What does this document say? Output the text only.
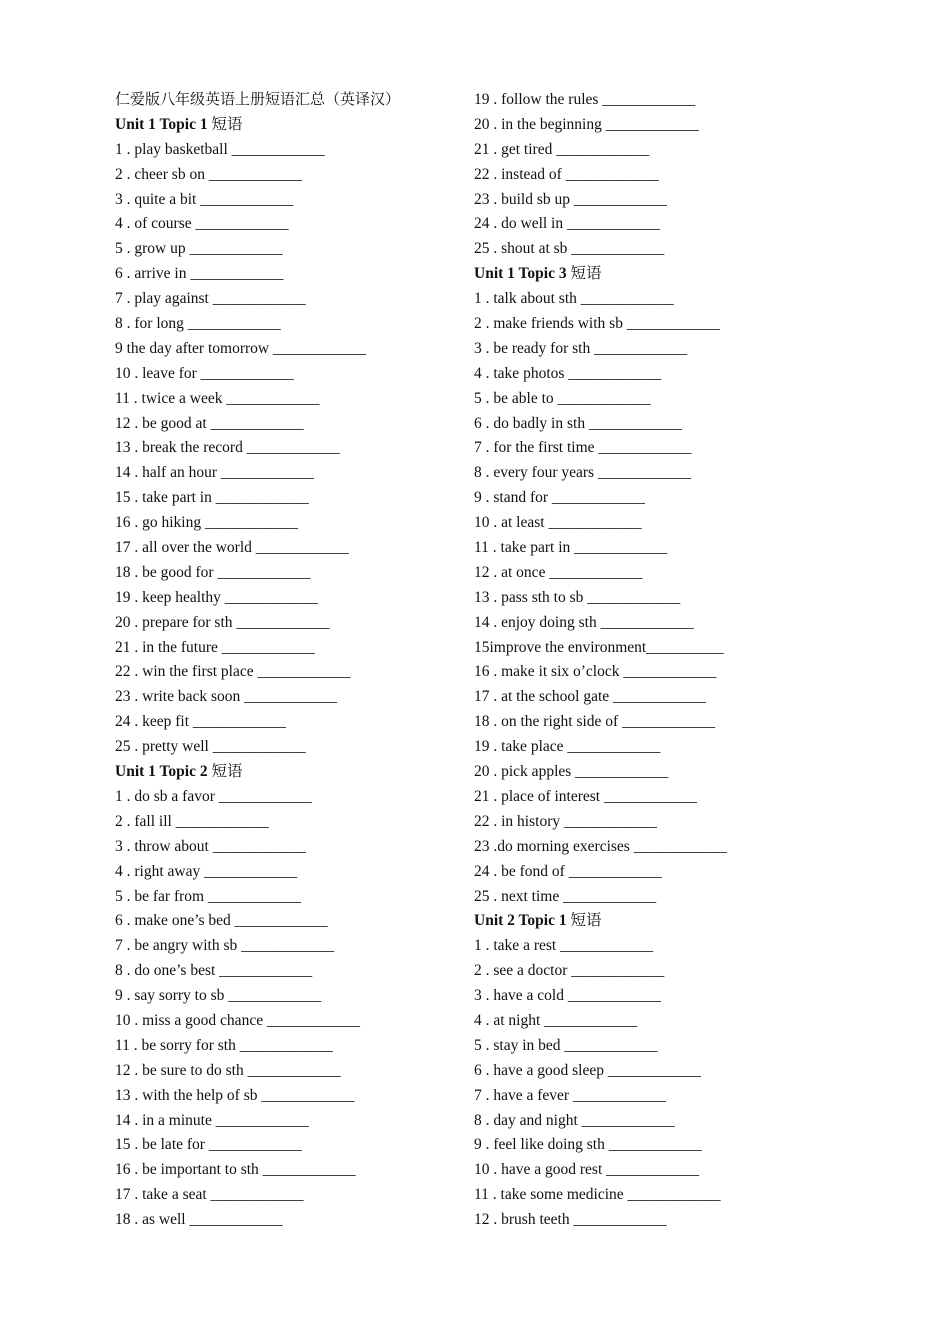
仁爱版八年级英语上册短语汇总（英译汉）
Unit 1 Topic 1 短语
1 . play basketball ____________
2 . cheer sb on ____________
3 . quite a bit ____________
4 . of course ____________
5 . grow up ____________
6 . arrive in ____________
7 . play against ____________
8 . for long ____________
9 the day after tomorrow ____________
10 . leave for ____________
11 . twice a week ____________
12 . be good at ____________
13 . break the record ____________
14 . half an hour ____________
15 . take part in ____________
16 . go hiking ____________
17 . all over the world ____________
18 . be good for ____________
19 . keep healthy ____________
20 . prepare for sth ____________
21 . in the future ____________
22 . win the first place ____________
23 . write back soon ____________
24 . keep fit ____________
25 . pretty well ____________
Unit 1 Topic 2 短语
1 . do sb a favor ____________
2 . fall ill ____________
3 . throw about ____________
4 . right away ____________
5 . be far from ____________
6 . make one’s bed ____________
7 . be angry with sb ____________
8 . do one’s best ____________
9 . say sorry to sb ____________
10 . miss a good chance ____________
11 . be sorry for sth ____________
12 . be sure to do sth ____________
13 . with the help of sb ____________
14 . in a minute ____________
15 . be late for ____________
16 . be important to sth ____________
17 . take a seat ____________
18 . as well ____________
19 . follow the rules ____________
20 . in the beginning ____________
21 . get tired ____________
22 . instead of ____________
23 . build sb up ____________
24 . do well in ____________
25 . shout at sb ____________
Unit 1 Topic 3 短语
1 . talk about sth ____________
2 . make friends with sb ____________
3 . be ready for sth ____________
4 . take photos ____________
5 . be able to ____________
6 . do badly in sth ____________
7 . for the first time ____________
8 . every four years ____________
9 . stand for ____________
10 . at least ____________
11 . take part in ____________
12 . at once ____________
13 . pass sth to sb ____________
14 . enjoy doing sth ____________
15improve the environment__________
16 . make it six o’clock ____________
17 . at the school gate ____________
18 . on the right side of ____________
19 . take place ____________
20 . pick apples ____________
21 . place of interest ____________
22 . in history ____________
23 .do morning exercises ____________
24 . be fond of ____________
25 . next time ____________
Unit 2 Topic 1 短语
1 . take a rest ____________
2 . see a doctor ____________
3 . have a cold ____________
4 . at night ____________
5 . stay in bed ____________
6 . have a good sleep ____________
7 . have a fever ____________
8 . day and night ____________
9 . feel like doing sth ____________
10 . have a good rest ____________
11 . take some medicine ____________
12 . brush teeth ____________
